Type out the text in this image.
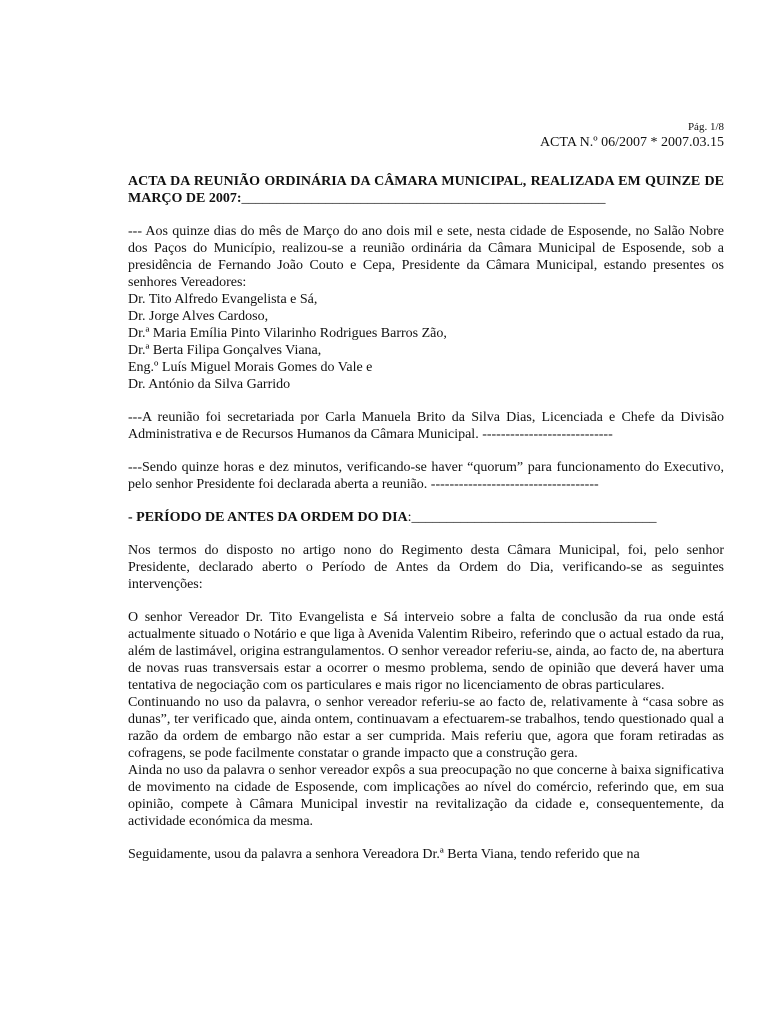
Pág. 1/8
ACTA N.º 06/2007 * 2007.03.15

ACTA DA REUNIÃO ORDINÁRIA DA CÂMARA MUNICIPAL, REALIZADA EM QUINZE DE MARÇO DE 2007:____________________________________________________

--- Aos quinze dias do mês de Março do ano dois mil e sete, nesta cidade de Esposende, no Salão Nobre dos Paços do Município, realizou-se a reunião ordinária da Câmara Municipal de Esposende, sob a presidência de Fernando João Couto e Cepa, Presidente da Câmara Municipal, estando presentes os senhores Vereadores:

Dr. Tito Alfredo Evangelista e Sá,
Dr. Jorge Alves Cardoso,
Dr.ª Maria Emília Pinto Vilarinho Rodrigues Barros Zão,
Dr.ª Berta Filipa Gonçalves Viana,
Eng.º Luís Miguel Morais Gomes do Vale e
Dr. António da Silva Garrido

---A reunião foi secretariada por Carla Manuela Brito da Silva Dias, Licenciada e Chefe da Divisão Administrativa e de Recursos Humanos da Câmara Municipal. ----------------------------

---Sendo quinze horas e dez minutos, verificando-se haver “quorum” para funcionamento do Executivo, pelo senhor Presidente foi declarada aberta a reunião. ------------------------------------

- PERÍODO DE ANTES DA ORDEM DO DIA:___________________________________

Nos termos do disposto no artigo nono do Regimento desta Câmara Municipal, foi, pelo senhor Presidente, declarado aberto o Período de Antes da Ordem do Dia, verificando-se as seguintes intervenções:

O senhor Vereador Dr. Tito Evangelista e Sá interveio sobre a falta de conclusão da rua onde está actualmente situado o Notário e que liga à Avenida Valentim Ribeiro, referindo que o actual estado da rua, além de lastimável, origina estrangulamentos. O senhor vereador referiu-se, ainda, ao facto de, na abertura de novas ruas transversais estar a ocorrer o mesmo problema, sendo de opinião que deverá haver uma tentativa de negociação com os particulares e mais rigor no licenciamento de obras particulares.

Continuando no uso da palavra, o senhor vereador referiu-se ao facto de, relativamente à “casa sobre as dunas”, ter verificado que, ainda ontem, continuavam a efectuarem-se trabalhos, tendo questionado qual a razão da ordem de embargo não estar a ser cumprida. Mais referiu que, agora que foram retiradas as cofragens, se pode facilmente constatar o grande impacto que a construção gera.

Ainda no uso da palavra o senhor vereador expôs a sua preocupação no que concerne à baixa significativa de movimento na cidade de Esposende, com implicações ao nível do comércio, referindo que, em sua opinião, compete à Câmara Municipal investir na revitalização da cidade e, consequentemente, da actividade económica da mesma.

Seguidamente, usou da palavra a senhora Vereadora Dr.ª Berta Viana, tendo referido que na
